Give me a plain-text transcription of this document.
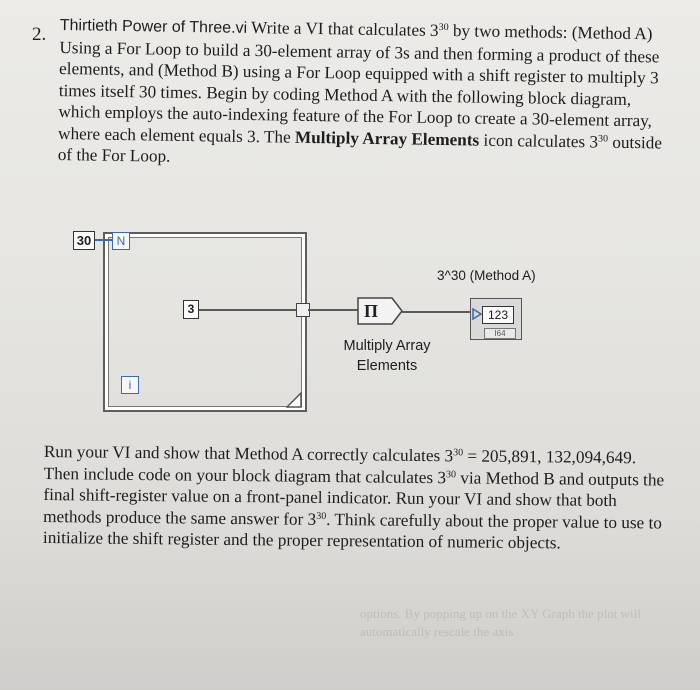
2. Thirtieth Power of Three.vi Write a VI that calculates $3^{30}$ by two methods: (Method A) Using a For Loop to build a 30-element array of 3s and then forming a product of these elements, and (Method B) using a For Loop equipped with a shift register to multiply 3 times itself 30 times. Begin by coding Method A with the following block diagram, which employs the auto-indexing feature of the For Loop to create a 30-element array, where each element equals 3. The Multiply Array Elements icon calculates $3^{30}$ outside of the For Loop.
30	N
3	Π	123
I64
3^30 (Method A)
Multiply Array
Elements
i
Run your VI and show that Method A correctly calculates $3^{30} = 205,891$, 132,094,649. Then include code on your block diagram that calculates $3^{30}$ via Method B and outputs the final shift-register value on a front-panel indicator. Run your VI and show that both methods produce the same answer for $3^{30}$. Think carefully about the proper value to use to initialize the shift register and the proper representation of numeric objects.
options. By popping up on the XY Graph the plot will automatically rescale the axis
